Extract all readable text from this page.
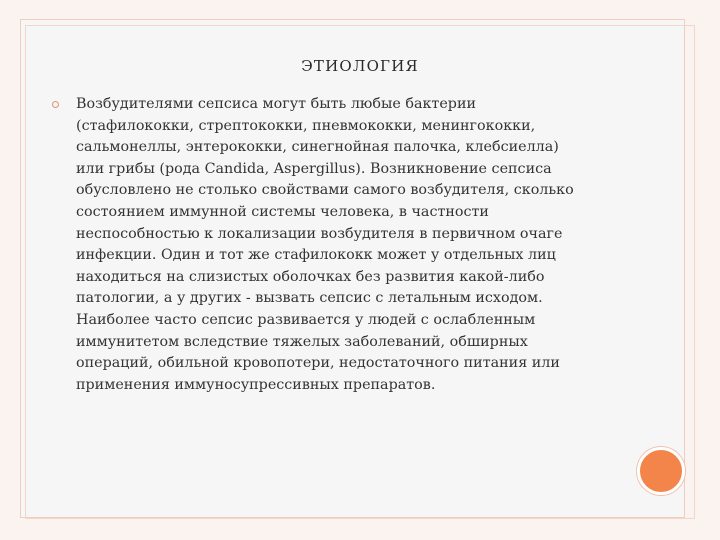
ЭТИОЛОГИЯ

Возбудителями сепсиса могут быть любые бактерии
(стафилококки, стрептококки, пневмококки, менингококки,
сальмонеллы, энтерококки, синегнойная палочка, клебсиелла)
или грибы (рода Candida, Aspergillus). Возникновение сепсиса
обусловлено не столько свойствами самого возбудителя, сколько
состоянием иммунной системы человека, в частности
неспособностью к локализации возбудителя в первичном очаге
инфекции. Один и тот же стафилококк может у отдельных лиц
находиться на слизистых оболочках без развития какой-либо
патологии, а у других - вызвать сепсис с летальным исходом.
Наиболее часто сепсис развивается у людей с ослабленным
иммунитетом вследствие тяжелых заболеваний, обширных
операций, обильной кровопотери, недостаточного питания или
применения иммуносупрессивных препаратов.
